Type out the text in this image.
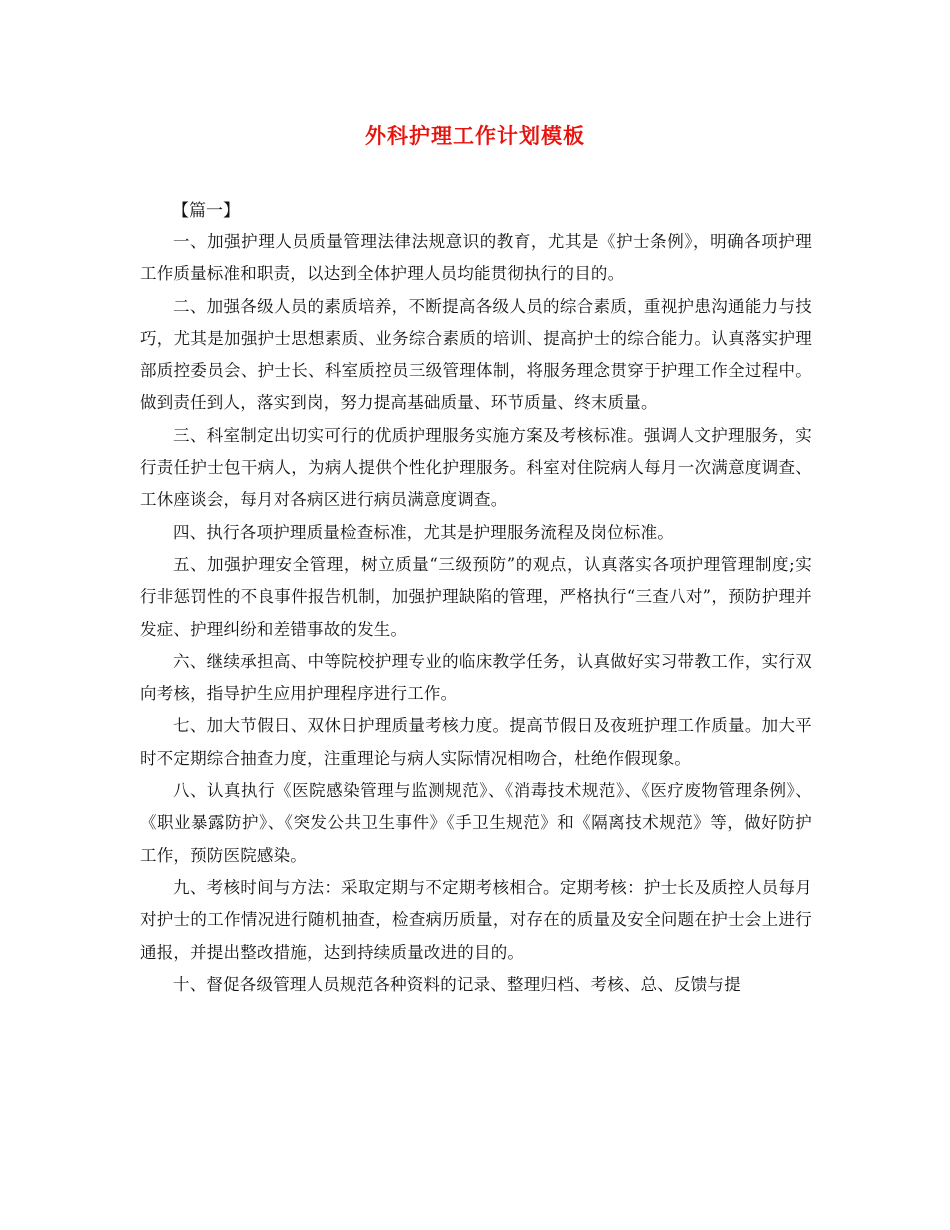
外科护理工作计划模板

【篇一】

一、加强护理人员质量管理法律法规意识的教育，尤其是《护士条例》，明确各项护理工作质量标准和职责，以达到全体护理人员均能贯彻执行的目的。

二、加强各级人员的素质培养，不断提高各级人员的综合素质，重视护患沟通能力与技巧，尤其是加强护士思想素质、业务综合素质的培训、提高护士的综合能力。认真落实护理部质控委员会、护士长、科室质控员三级管理体制，将服务理念贯穿于护理工作全过程中。做到责任到人，落实到岗，努力提高基础质量、环节质量、终末质量。

三、科室制定出切实可行的优质护理服务实施方案及考核标准。强调人文护理服务，实行责任护士包干病人，为病人提供个性化护理服务。科室对住院病人每月一次满意度调查、工休座谈会，每月对各病区进行病员满意度调查。

四、执行各项护理质量检查标准，尤其是护理服务流程及岗位标准。

五、加强护理安全管理，树立质量“三级预防”的观点，认真落实各项护理管理制度;实行非惩罚性的不良事件报告机制，加强护理缺陷的管理，严格执行“三查八对”，预防护理并发症、护理纠纷和差错事故的发生。

六、继续承担高、中等院校护理专业的临床教学任务，认真做好实习带教工作，实行双向考核，指导护生应用护理程序进行工作。

七、加大节假日、双休日护理质量考核力度。提高节假日及夜班护理工作质量。加大平时不定期综合抽查力度，注重理论与病人实际情况相吻合，杜绝作假现象。

八、认真执行《医院感染管理与监测规范》、《消毒技术规范》、《医疗废物管理条例》、《职业暴露防护》、《突发公共卫生事件》《手卫生规范》和《隔离技术规范》等，做好防护工作，预防医院感染。

九、考核时间与方法：采取定期与不定期考核相合。定期考核：护士长及质控人员每月对护士的工作情况进行随机抽查，检查病历质量，对存在的质量及安全问题在护士会上进行通报，并提出整改措施，达到持续质量改进的目的。

十、督促各级管理人员规范各种资料的记录、整理归档、考核、总、反馈与提
